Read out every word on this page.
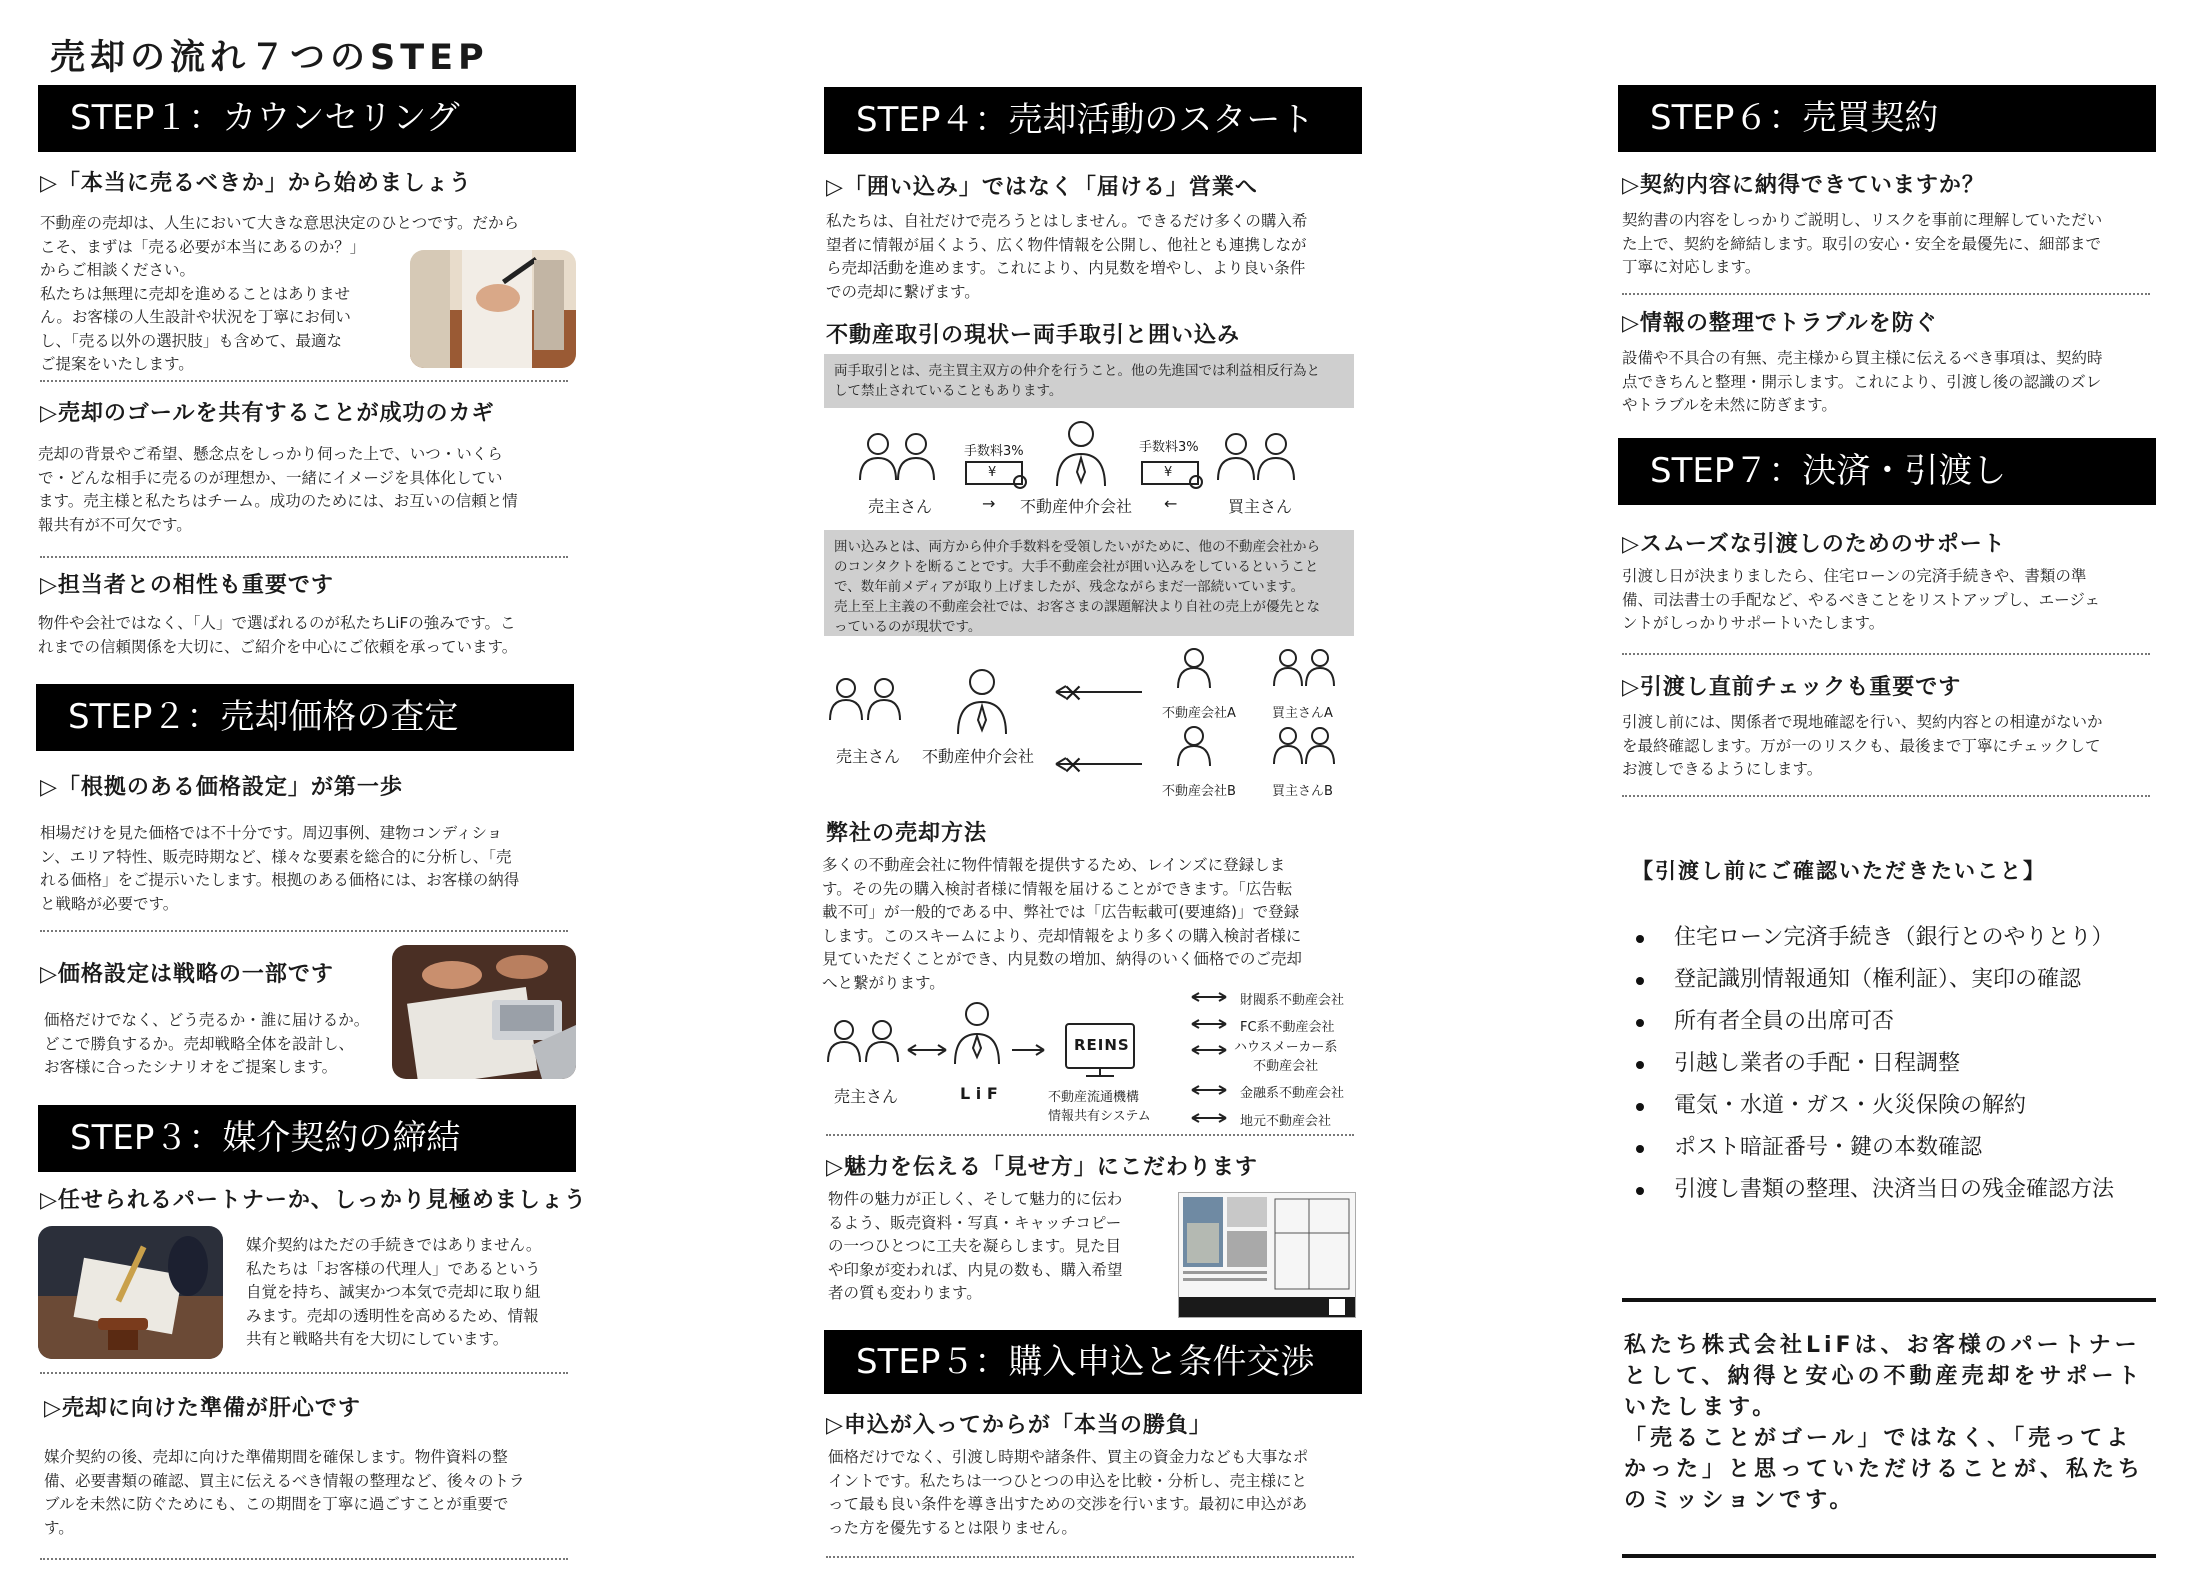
売却の流れ７つのSTEP
STEP１：カウンセリング
▷「本当に売るべきか」から始めましょう
不動産の売却は、人生において大きな意思決定のひとつです。だから
こそ、まずは「売る必要が本当にあるのか？」
からご相談ください。
私たちは無理に売却を進めることはありませ
ん。お客様の人生設計や状況を丁寧にお伺い
し、「売る以外の選択肢」も含めて、最適な
ご提案をいたします。
▷売却のゴールを共有することが成功のカギ
売却の背景やご希望、懸念点をしっかり伺った上で、いつ・いくら
で・どんな相手に売るのが理想か、一緒にイメージを具体化してい
ます。売主様と私たちはチーム。成功のためには、お互いの信頼と情
報共有が不可欠です。
▷担当者との相性も重要です
物件や会社ではなく、「人」で選ばれるのが私たちLiFの強みです。こ
れまでの信頼関係を大切に、ご紹介を中心にご依頼を承っています。
STEP２：売却価格の査定
▷「根拠のある価格設定」が第一歩
相場だけを見た価格では不十分です。周辺事例、建物コンディショ
ン、エリア特性、販売時期など、様々な要素を総合的に分析し、「売
れる価格」をご提示いたします。根拠のある価格には、お客様の納得
と戦略が必要です。
▷価格設定は戦略の一部です
価格だけでなく、どう売るか・誰に届けるか。
どこで勝負するか。売却戦略全体を設計し、
お客様に合ったシナリオをご提案します。
STEP３：媒介契約の締結
▷任せられるパートナーか、しっかり見極めましょう
媒介契約はただの手続きではありません。
私たちは「お客様の代理人」であるという
自覚を持ち、誠実かつ本気で売却に取り組
みます。売却の透明性を高めるため、情報
共有と戦略共有を大切にしています。
▷売却に向けた準備が肝心です
媒介契約の後、売却に向けた準備期間を確保します。物件資料の整
備、必要書類の確認、買主に伝えるべき情報の整理など、後々のトラ
ブルを未然に防ぐためにも、この期間を丁寧に過ごすことが重要で
す。
STEP４：売却活動のスタート
▷「囲い込み」ではなく「届ける」営業へ
私たちは、自社だけで売ろうとはしません。できるだけ多くの購入希
望者に情報が届くよう、広く物件情報を公開し、他社とも連携しなが
ら売却活動を進めます。これにより、内見数を増やし、より良い条件
での売却に繋げます。
不動産取引の現状ー両手取引と囲い込み
両手取引とは、売主買主双方の仲介を行うこと。他の先進国では利益相反行為と
して禁止されていることもあります。
手数料3%	手数料3%
¥	¥
売主さん	→ 不動産仲介会社 ←	買主さん
囲い込みとは、両方から仲介手数料を受領したいがために、他の不動産会社から
のコンタクトを断ることです。大手不動産会社が囲い込みをしているということ
で、数年前メディアが取り上げましたが、残念ながらまだ一部続いています。
売上至上主義の不動産会社では、お客さまの課題解決より自社の売上が優先とな
っているのが現状です。
×
×
売主さん 不動産仲介会社
不動産会社A	買主さんA
不動産会社B	買主さんB
弊社の売却方法
多くの不動産会社に物件情報を提供するため、レインズに登録しま
す。その先の購入検討者様に情報を届けることができます。「広告転
載不可」が一般的である中、弊社では「広告転載可(要連絡)」で登録
します。このスキームにより、売却情報をより多くの購入検討者様に
見ていただくことができ、内見数の増加、納得のいく価格でのご売却
へと繋がります。
REINS
売主さん	L i F	不動産流通機構
情報共有システム
財閥系不動産会社
FC系不動産会社
ハウスメーカー系
不動産会社
金融系不動産会社
地元不動産会社
▷魅力を伝える「見せ方」にこだわります
物件の魅力が正しく、そして魅力的に伝わ
るよう、販売資料・写真・キャッチコピー
の一つひとつに工夫を凝らします。見た目
や印象が変われば、内見の数も、購入希望
者の質も変わります。
STEP５：購入申込と条件交渉
▷申込が入ってからが「本当の勝負」
価格だけでなく、引渡し時期や諸条件、買主の資金力なども大事なポ
イントです。私たちは一つひとつの申込を比較・分析し、売主様にと
って最も良い条件を導き出すための交渉を行います。最初に申込があ
った方を優先するとは限りません。
STEP６：売買契約
▷契約内容に納得できていますか？
契約書の内容をしっかりご説明し、リスクを事前に理解していただい
た上で、契約を締結します。取引の安心・安全を最優先に、細部まで
丁寧に対応します。
▷情報の整理でトラブルを防ぐ
設備や不具合の有無、売主様から買主様に伝えるべき事項は、契約時
点できちんと整理・開示します。これにより、引渡し後の認識のズレ
やトラブルを未然に防ぎます。
STEP７：決済・引渡し
▷スムーズな引渡しのためのサポート
引渡し日が決まりましたら、住宅ローンの完済手続きや、書類の準
備、司法書士の手配など、やるべきことをリストアップし、エージェ
ントがしっかりサポートいたします。
▷引渡し直前チェックも重要です
引渡し前には、関係者で現地確認を行い、契約内容との相違がないか
を最終確認します。万が一のリスクも、最後まで丁寧にチェックして
お渡しできるようにします。
【引渡し前にご確認いただきたいこと】
住宅ローン完済手続き（銀行とのやりとり）
登記識別情報通知（権利証）、実印の確認
所有者全員の出席可否
引越し業者の手配・日程調整
電気・水道・ガス・火災保険の解約
ポスト暗証番号・鍵の本数確認
引渡し書類の整理、決済当日の残金確認方法
私たち株式会社LiFは、お客様のパートナー
として、納得と安心の不動産売却をサポート
いたします。
「売ることがゴール」ではなく、「売ってよ
かった」と思っていただけることが、私たち
のミッションです。
